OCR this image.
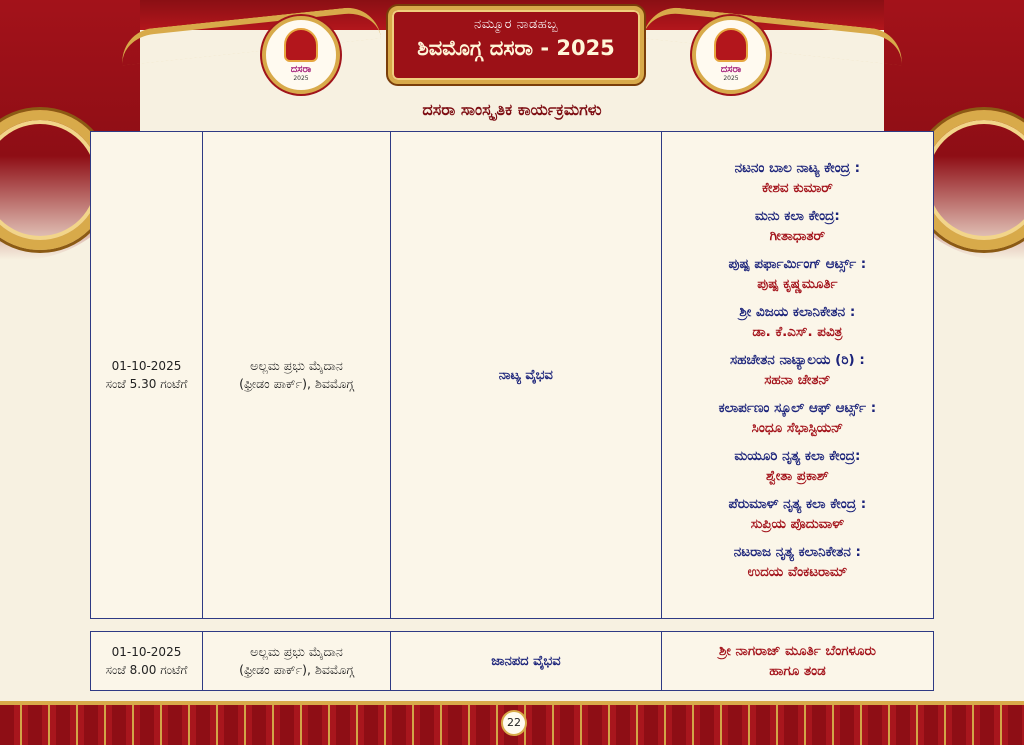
ದಸರಾ
2025
ದಸರಾ
2025
ನಮ್ಮೂರ ನಾಡಹಬ್ಬ
ಶಿವಮೊಗ್ಗ ದಸರಾ - 2025
ದಸರಾ ಸಾಂಸ್ಕೃತಿಕ ಕಾರ್ಯಕ್ರಮಗಳು
01-10-2025
ಸಂಜೆ 5.30 ಗಂಟೆಗೆ

ಅಲ್ಲಮ ಪ್ರಭು ಮೈದಾನ
(ಫ್ರೀಡಂ ಪಾರ್ಕ್), ಶಿವಮೊಗ್ಗ

ನಾಟ್ಯ ವೈಭವ

ನಟನಂ ಬಾಲ ನಾಟ್ಯ ಕೇಂದ್ರ :
ಕೇಶವ ಕುಮಾರ್
ಮನು ಕಲಾ ಕೇಂದ್ರ:
ಗೀತಾಧಾತರ್
ಪುಷ್ಪ ಪರ್ಫಾರ್ಮಿಂಗ್ ಆರ್ಟ್ಸ್ :
ಪುಷ್ಪ ಕೃಷ್ಣಮೂರ್ತಿ
ಶ್ರೀ ವಿಜಯ ಕಲಾನಿಕೇತನ :
ಡಾ. ಕೆ.ಎಸ್. ಪವಿತ್ರ
ಸಹಚೇತನ ನಾಟ್ಯಾಲಯ (ರಿ) :
ಸಹನಾ ಚೇತನ್
ಕಲಾರ್ಪಣಂ ಸ್ಕೂಲ್ ಆಫ್ ಆರ್ಟ್ಸ್ :
ಸಿಂಧೂ ಸೆಭಾಸ್ಟಿಯನ್
ಮಯೂರಿ ನೃತ್ಯ ಕಲಾ ಕೇಂದ್ರ:
ಶ್ವೇತಾ ಪ್ರಕಾಶ್
ಪೆರುಮಾಳ್ ನೃತ್ಯ ಕಲಾ ಕೇಂದ್ರ :
ಸುಪ್ರಿಯ ಪೊದುವಾಳ್
ನಟರಾಜ ನೃತ್ಯ ಕಲಾನಿಕೇತನ :
ಉದಯ ವೆಂಕಟರಾಮ್
01-10-2025
ಸಂಜೆ 8.00 ಗಂಟೆಗೆ

ಅಲ್ಲಮ ಪ್ರಭು ಮೈದಾನ
(ಫ್ರೀಡಂ ಪಾರ್ಕ್), ಶಿವಮೊಗ್ಗ

ಜಾನಪದ ವೈಭವ

ಶ್ರೀ ನಾಗರಾಜ್ ಮೂರ್ತಿ ಬೆಂಗಳೂರು
ಹಾಗೂ ತಂಡ
22
